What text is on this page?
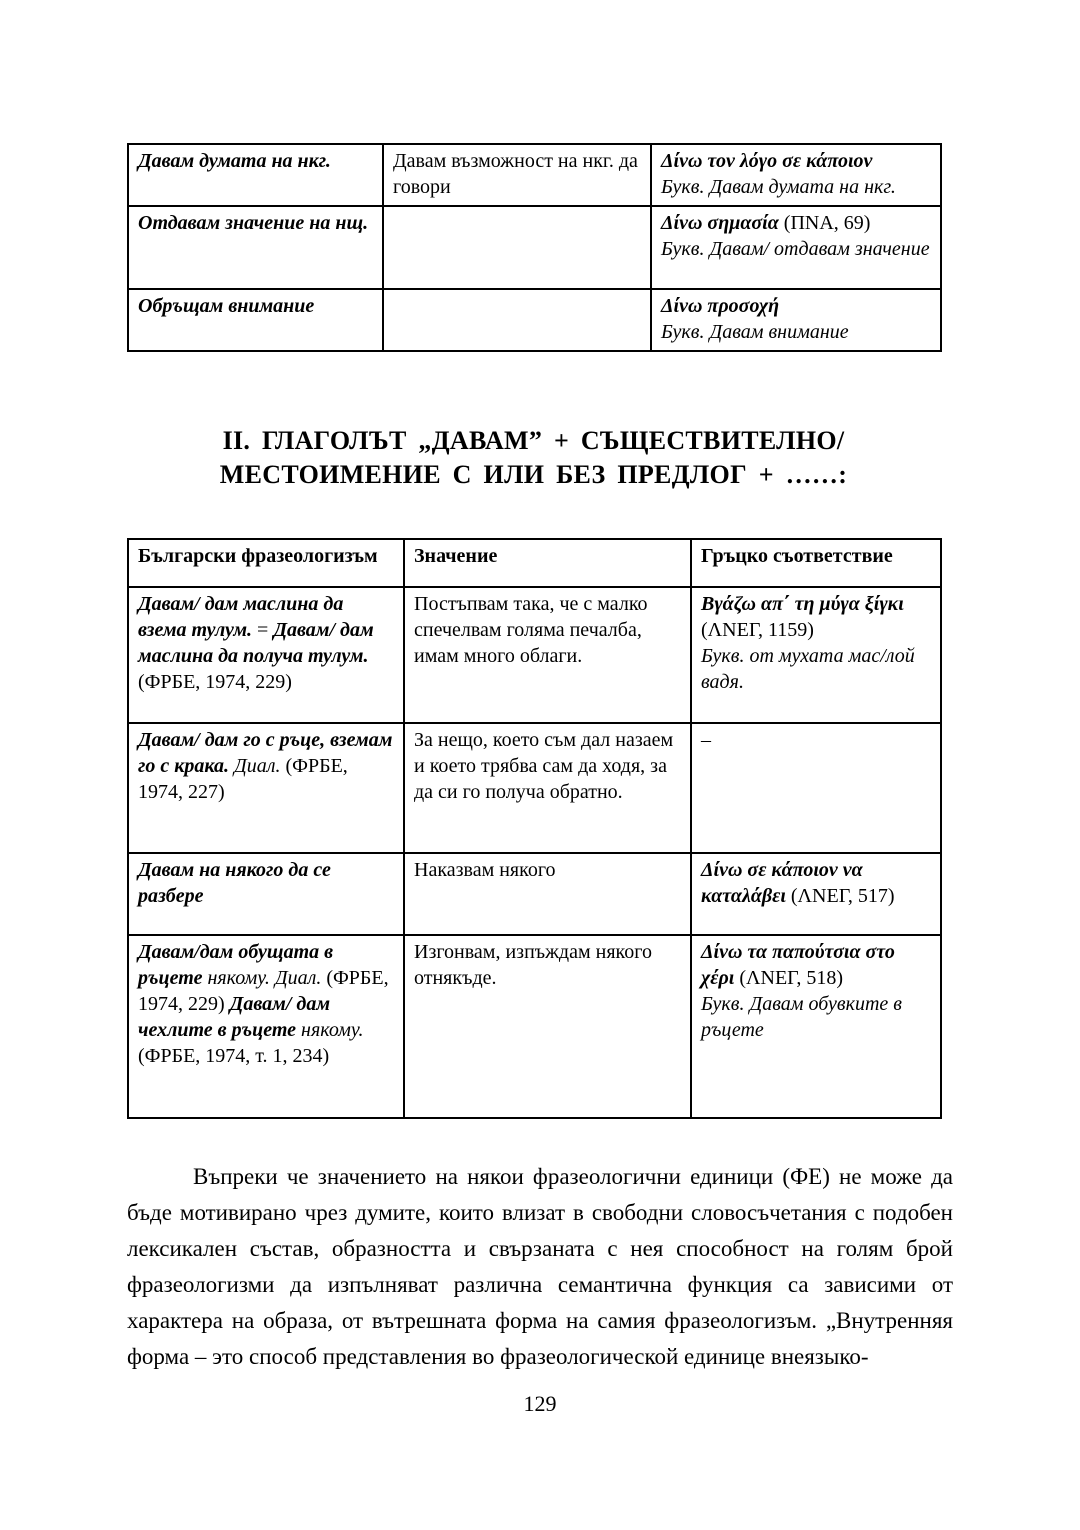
Давам думата на нкг.	Давам възможност на нкг. да говори	Δίνω τον λόγο σε κάποιον
Букв. Давам думата на нкг.

Отдавам значение на нщ.		Δίνω σημασία (ΠΝΑ, 69)
Букв. Давам/ отдавам значение

Обръщам внимание		Δίνω προσοχή
Букв. Давам внимание
II. ГЛАГОЛЪТ „ДАВАМ” + СЪЩЕСТВИТЕЛНО/
МЕСТОИМЕНИЕ С ИЛИ БЕЗ ПРЕДЛОГ + ……:
Български фразеологизъм	Значение	Гръцко съответствие

Давам/ дам маслина да взема тулум. = Давам/ дам маслина да получа тулум. (ФРБЕ, 1974, 229)	Постъпвам така, че с малко спечелвам голяма печалба, имам много облаги.	Βγάζω απ΄ τη μύγα ξίγκι (ΛΝΕΓ, 1159)
Букв. от мухата мас/лой вадя.

Давам/ дам го с ръце, вземам го с крака. Диал. (ФРБЕ, 1974, 227)	За нещо, което съм дал назаем и което трябва сам да ходя, за да си го получа обратно.	–

Давам на някого да се разбере	Наказвам някого	Δίνω σε κάποιον να καταλάβει (ΛΝΕΓ, 517)

Давам/дам обущата в ръцете някому. Диал. (ФРБЕ, 1974, 229) Давам/ дам чехлите в ръцете някому. (ФРБЕ, 1974, т. 1, 234)	Изгонвам, изпъждам някого отнякъде.	Δίνω τα παπούτσια στο χέρι (ΛΝΕΓ, 518)
Букв. Давам обувките в ръцете

Въпреки че значението на някои фразеологични единици (ФЕ) не може да бъде мотивирано чрез думите, които влизат в свободни словосъчетания с подобен лексикален състав, образността и свързаната с нея способност на голям брой фразеологизми да изпълняват различна семантична функция са зависими от характера на образа, от вътрешната форма на самия фразеологизъм. „Внутренняя форма – это способ представления во фразеологической единице внеязыко-

129
